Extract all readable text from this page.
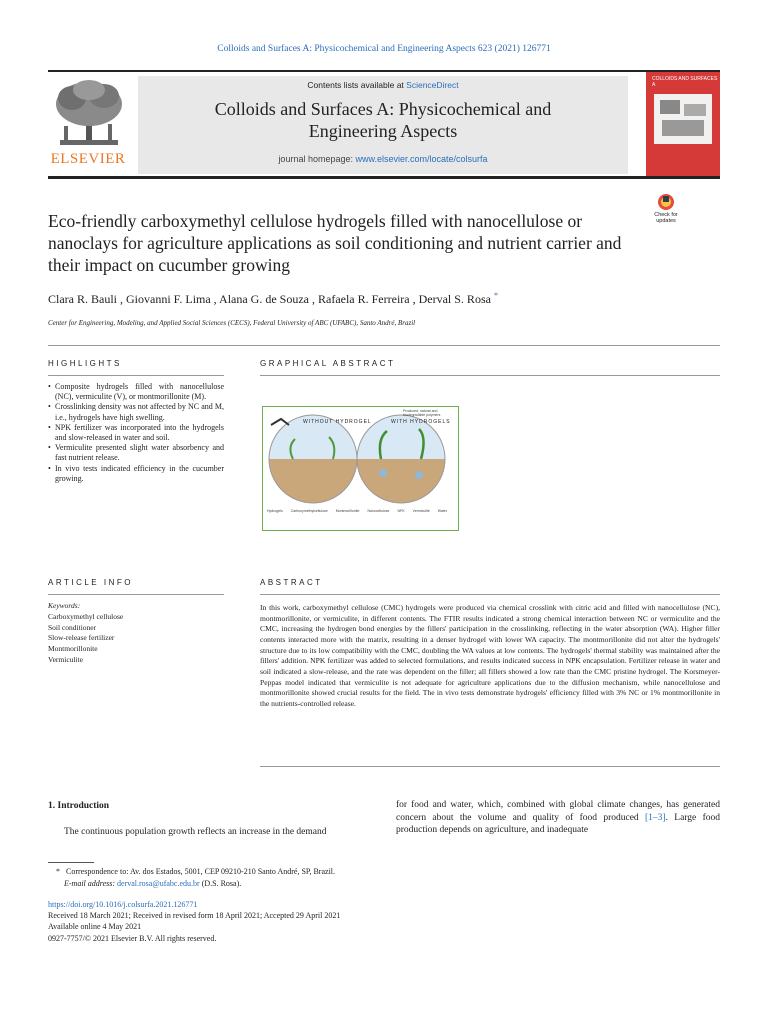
Colloids and Surfaces A: Physicochemical and Engineering Aspects 623 (2021) 126771
ELSEVIER
Contents lists available at ScienceDirect
Colloids and Surfaces A: Physicochemical and
Engineering Aspects
journal homepage: www.elsevier.com/locate/colsurfa
COLLOIDS AND SURFACES A
Check for updates
Eco-friendly carboxymethyl cellulose hydrogels filled with nanocellulose or nanoclays for agriculture applications as soil conditioning and nutrient carrier and their impact on cucumber growing
Clara R. Bauli , Giovanni F. Lima , Alana G. de Souza , Rafaela R. Ferreira , Derval S. Rosa *
Center for Engineering, Modeling, and Applied Social Sciences (CECS), Federal University of ABC (UFABC), Santo André, Brazil
HIGHLIGHTS
• Composite hydrogels filled with nanocellulose (NC), vermiculite (V), or montmorillonite (M).
• Crosslinking density was not affected by NC and M, i.e., hydrogels have high swelling.
• NPK fertilizer was incorporated into the hydrogels and slow-released in water and soil.
• Vermiculite presented slight water absorbency and fast nutrient release.
• In vivo tests indicated efficiency in the cucumber growing.
GRAPHICAL ABSTRACT
WITHOUT HYDROGEL	WITH HYDROGELS
Produced, natural and biodegradable polymers
Hydrogels Carboxymethylcellulose Montmorillonite Nanocellulose NPK Vermiculite Water
ARTICLE INFO
Keywords:
Carboxymethyl cellulose
Soil conditioner
Slow-release fertilizer
Montmorillonite
Vermiculite
ABSTRACT
In this work, carboxymethyl cellulose (CMC) hydrogels were produced via chemical crosslink with citric acid and filled with nanocellulose (NC), montmorillonite, or vermiculite, in different contents. The FTIR results indicated a strong chemical interaction between NC or vermiculite and the CMC, increasing the hydrogen bond energies by the fillers' participation in the crosslinking, reflecting in the water absorption (WA). Higher filler contents interacted more with the matrix, resulting in a denser hydrogel with lower WA capacity. The montmorillonite did not alter the hydrogels' structure due to its low compatibility with the CMC, doubling the WA values at low contents. The hydrogels' thermal stability was maintained after the fillers' addition. NPK fertilizer was added to selected formulations, and results indicated success in NPK encapsulation. Fertilizer release in water and soil indicated a slow-release, and the rate was dependent on the filler; all fillers showed a low rate than the CMC pristine hydrogel. The Korsmeyer-Peppas model indicated that vermiculite is not adequate for agriculture applications due to the diffusion mechanism, while nanocellulose and montmorillonite showed crucial results for the field. The in vivo tests demonstrate hydrogels' efficiency filled with 3% NC or 1% montmorillonite in the nutrients-controlled release.
1. Introduction
The continuous population growth reflects an increase in the demand
for food and water, which, combined with global climate changes, has generated concern about the volume and quality of food produced [1–3]. Large food production depends on agriculture, and inadequate
* Correspondence to: Av. dos Estados, 5001, CEP 09210-210 Santo André, SP, Brazil.
E-mail address: derval.rosa@ufabc.edu.br (D.S. Rosa).
https://doi.org/10.1016/j.colsurfa.2021.126771
Received 18 March 2021; Received in revised form 18 April 2021; Accepted 29 April 2021
Available online 4 May 2021
0927-7757/© 2021 Elsevier B.V. All rights reserved.
